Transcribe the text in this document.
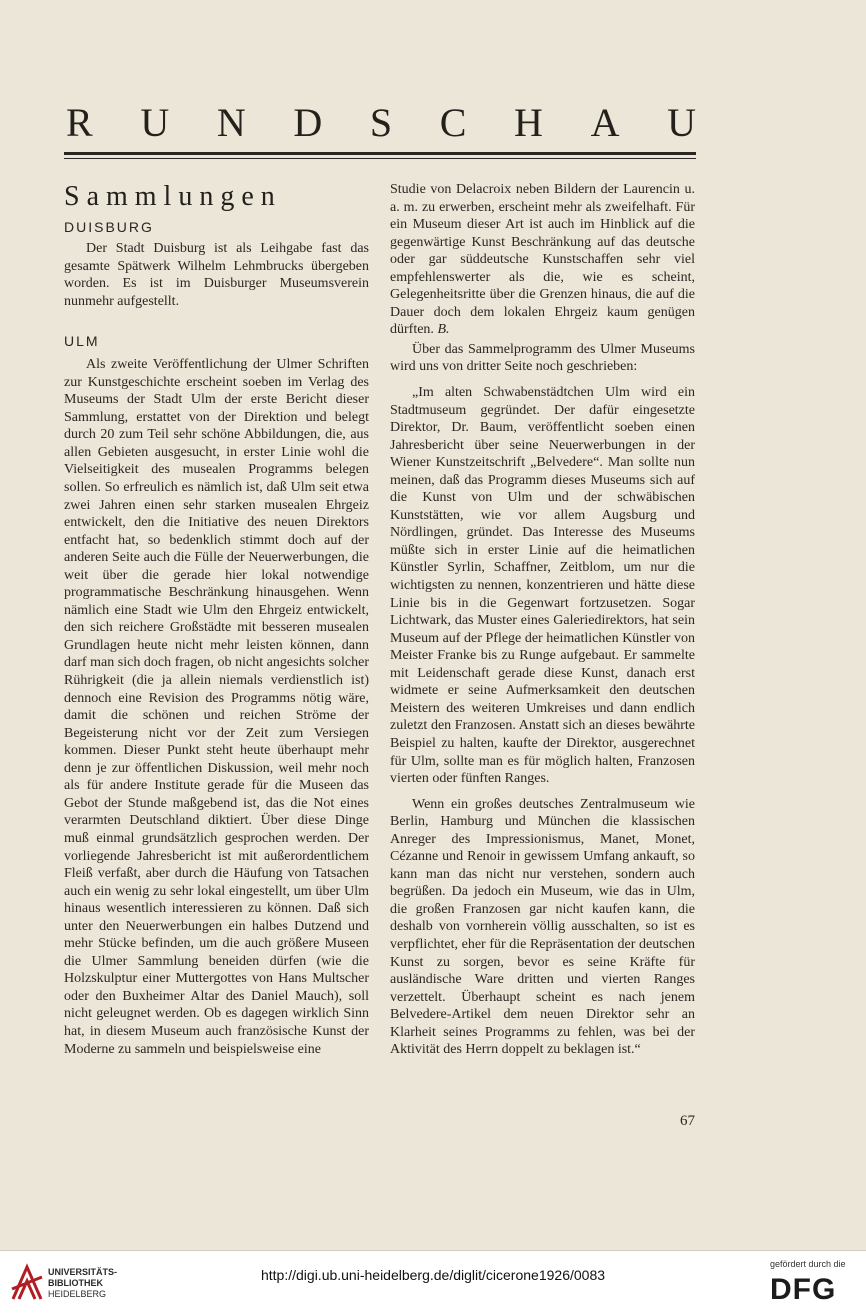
R U N D S C H A U
Sammlungen
DUISBURG

Der Stadt Duisburg ist als Leihgabe fast das gesamte Spätwerk Wilhelm Lehmbrucks übergeben worden. Es ist im Duisburger Museumsverein nunmehr aufgestellt.

ULM

Als zweite Veröffentlichung der Ulmer Schriften zur Kunstgeschichte erscheint soeben im Verlag des Museums der Stadt Ulm der erste Bericht dieser Sammlung, erstattet von der Direktion und belegt durch 20 zum Teil sehr schöne Abbildungen, die, aus allen Gebieten ausgesucht, in erster Linie wohl die Vielseitigkeit des musealen Programms belegen sollen. So erfreulich es nämlich ist, daß Ulm seit etwa zwei Jahren einen sehr starken musealen Ehrgeiz entwickelt, den die Initiative des neuen Direktors entfacht hat, so bedenklich stimmt doch auf der anderen Seite auch die Fülle der Neuerwerbungen, die weit über die gerade hier lokal notwendige programmatische Beschränkung hinausgehen. Wenn nämlich eine Stadt wie Ulm den Ehrgeiz entwickelt, den sich reichere Großstädte mit besseren musealen Grundlagen heute nicht mehr leisten können, dann darf man sich doch fragen, ob nicht angesichts solcher Rührigkeit (die ja allein niemals verdienstlich ist) dennoch eine Revision des Programms nötig wäre, damit die schönen und reichen Ströme der Begeisterung nicht vor der Zeit zum Versiegen kommen. Dieser Punkt steht heute überhaupt mehr denn je zur öffentlichen Diskussion, weil mehr noch als für andere Institute gerade für die Museen das Gebot der Stunde maßgebend ist, das die Not eines verarmten Deutschland diktiert. Über diese Dinge muß einmal grundsätzlich gesprochen werden. Der vorliegende Jahresbericht ist mit außerordentlichem Fleiß verfaßt, aber durch die Häufung von Tatsachen auch ein wenig zu sehr lokal eingestellt, um über Ulm hinaus wesentlich interessieren zu können. Daß sich unter den Neuerwerbungen ein halbes Dutzend und mehr Stücke befinden, um die auch größere Museen die Ulmer Sammlung beneiden dürfen (wie die Holzskulptur einer Muttergottes von Hans Multscher oder den Buxheimer Altar des Daniel Mauch), soll nicht geleugnet werden. Ob es dagegen wirklich Sinn hat, in diesem Museum auch französische Kunst der Moderne zu sammeln und beispielsweise eine

Studie von Delacroix neben Bildern der Laurencin u. a. m. zu erwerben, erscheint mehr als zweifelhaft. Für ein Museum dieser Art ist auch im Hinblick auf die gegenwärtige Kunst Beschränkung auf das deutsche oder gar süddeutsche Kunstschaffen sehr viel empfehlenswerter als die, wie es scheint, Gelegenheitsritte über die Grenzen hinaus, die auf die Dauer doch dem lokalen Ehrgeiz kaum genügen dürften. B.

Über das Sammelprogramm des Ulmer Museums wird uns von dritter Seite noch geschrieben:

„Im alten Schwabenstädtchen Ulm wird ein Stadtmuseum gegründet. Der dafür eingesetzte Direktor, Dr. Baum, veröffentlicht soeben einen Jahresbericht über seine Neuerwerbungen in der Wiener Kunstzeitschrift „Belvedere“. Man sollte nun meinen, daß das Programm dieses Museums sich auf die Kunst von Ulm und der schwäbischen Kunststätten, wie vor allem Augsburg und Nördlingen, gründet. Das Interesse des Museums müßte sich in erster Linie auf die heimatlichen Künstler Syrlin, Schaffner, Zeitblom, um nur die wichtigsten zu nennen, konzentrieren und hätte diese Linie bis in die Gegenwart fortzusetzen. Sogar Lichtwark, das Muster eines Galeriedirektors, hat sein Museum auf der Pflege der heimatlichen Künstler von Meister Franke bis zu Runge aufgebaut. Er sammelte mit Leidenschaft gerade diese Kunst, danach erst widmete er seine Aufmerksamkeit den deutschen Meistern des weiteren Umkreises und dann endlich zuletzt den Franzosen. Anstatt sich an dieses bewährte Beispiel zu halten, kaufte der Direktor, ausgerechnet für Ulm, sollte man es für möglich halten, Franzosen vierten oder fünften Ranges.

Wenn ein großes deutsches Zentralmuseum wie Berlin, Hamburg und München die klassischen Anreger des Impressionismus, Manet, Monet, Cézanne und Renoir in gewissem Umfang ankauft, so kann man das nicht nur verstehen, sondern auch begrüßen. Da jedoch ein Museum, wie das in Ulm, die großen Franzosen gar nicht kaufen kann, die deshalb von vornherein völlig ausschalten, so ist es verpflichtet, eher für die Repräsentation der deutschen Kunst zu sorgen, bevor es seine Kräfte für ausländische Ware dritten und vierten Ranges verzettelt. Überhaupt scheint es nach jenem Belvedere-Artikel dem neuen Direktor sehr an Klarheit seines Programms zu fehlen, was bei der Aktivität des Herrn doppelt zu beklagen ist.“

67
UNIVERSITÄTS-
BIBLIOTHEK
HEIDELBERG
http://digi.ub.uni-heidelberg.de/diglit/cicerone1926/0083
gefördert durch die
DFG
